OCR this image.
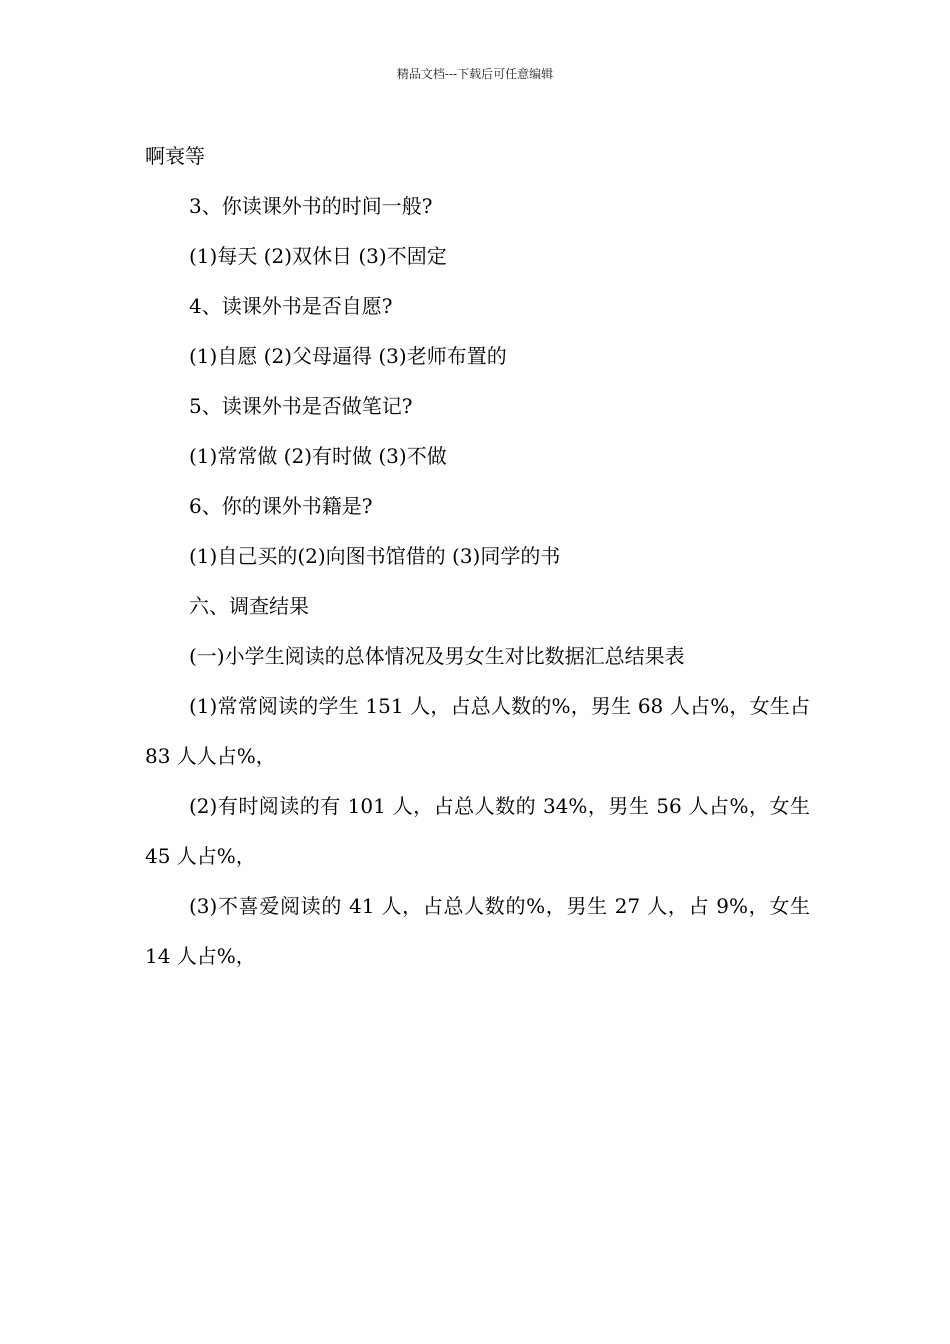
精品文档---下载后可任意编辑

啊衰等

3、你读课外书的时间一般?

(1)每天 (2)双休日 (3)不固定

4、读课外书是否自愿?

(1)自愿 (2)父母逼得 (3)老师布置的

5、读课外书是否做笔记?

(1)常常做 (2)有时做 (3)不做

6、你的课外书籍是?

(1)自己买的(2)向图书馆借的 (3)同学的书

六、调查结果

(一)小学生阅读的总体情况及男女生对比数据汇总结果表

(1)常常阅读的学生 151 人，占总人数的%，男生 68 人占%，女生占 83 人人占%，

(2)有时阅读的有 101 人，占总人数的 34%，男生 56 人占%，女生 45 人占%，

(3)不喜爱阅读的 41 人，占总人数的%，男生 27 人，占 9%，女生 14 人占%，
